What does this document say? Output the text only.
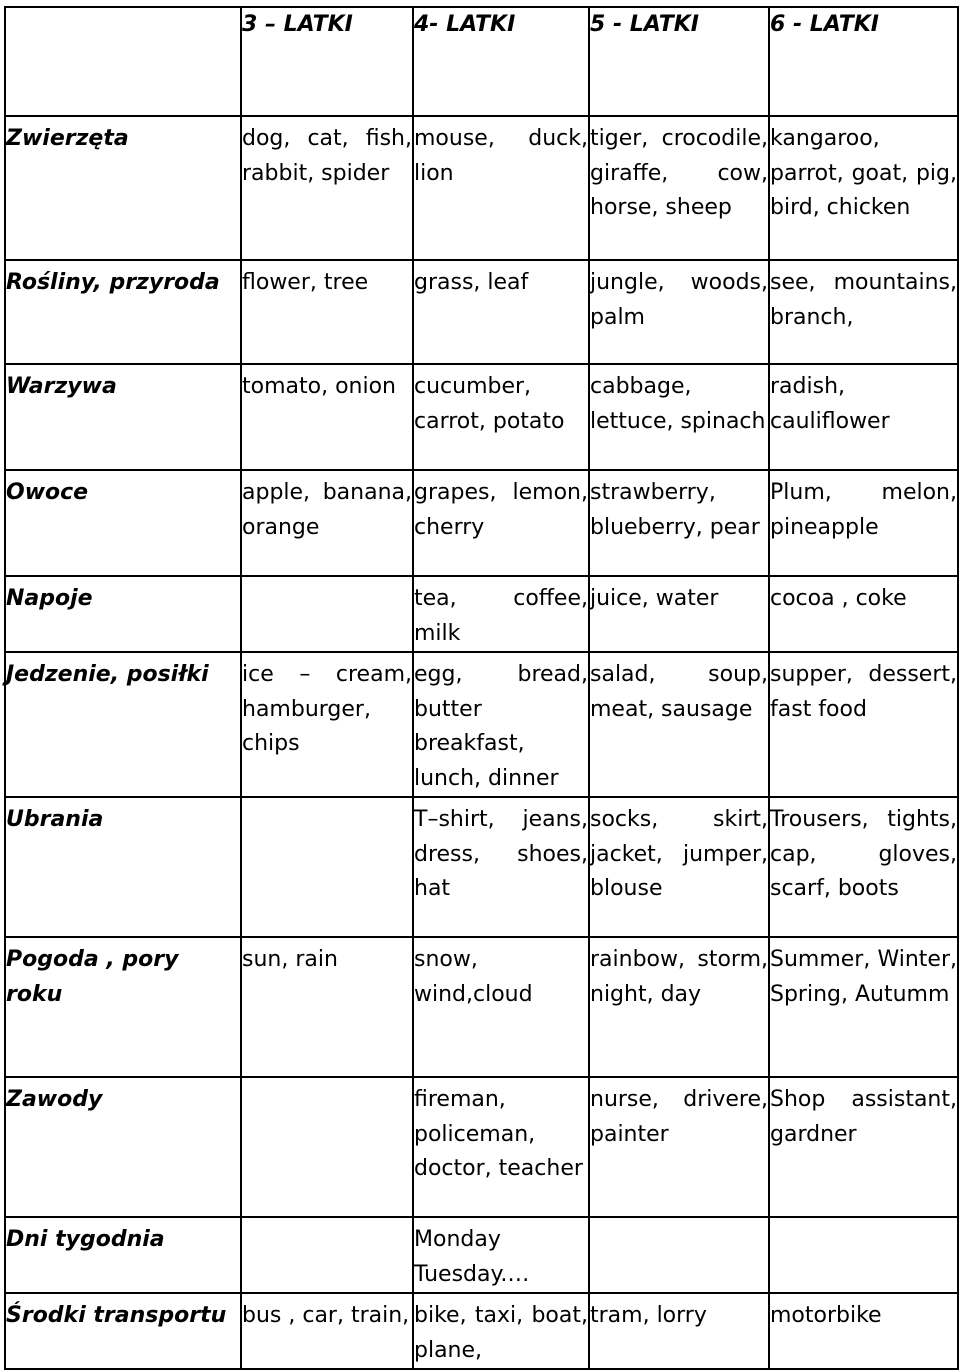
	3 – LATKI	4- LATKI	5 - LATKI	6 - LATKI
Zwierzęta	dog, cat, fish, rabbit, spider	mouse, duck, lion	tiger, crocodile, giraffe, cow, horse, sheep	kangaroo, parrot, goat, pig, bird, chicken
Rośliny, przyroda	flower, tree	grass, leaf	jungle, woods, palm	see, mountains, branch,
Warzywa	tomato, onion	cucumber, carrot, potato	cabbage, lettuce, spinach	radish, cauliflower
Owoce	apple, banana, orange	grapes, lemon, cherry	strawberry, blueberry, pear	Plum, melon, pineapple
Napoje		tea, coffee, milk	juice, water	cocoa , coke
Jedzenie, posiłki	ice – cream, hamburger, chips	egg, bread, butter breakfast, lunch, dinner	salad, soup, meat, sausage	supper, dessert, fast food
Ubrania		T–shirt, jeans, dress, shoes, hat	socks, skirt, jacket, jumper, blouse	Trousers, tights, cap, gloves, scarf, boots
Pogoda , pory roku	sun, rain	snow, wind,cloud	rainbow, storm, night, day	Summer, Winter, Spring, Autumm
Zawody		fireman, policeman, doctor, teacher	nurse, drivere, painter	Shop assistant, gardner
Dni tygodnia		Monday Tuesday.…		
Środki transportu	bus , car, train,	bike, taxi, boat, plane,	tram, lorry	motorbike
